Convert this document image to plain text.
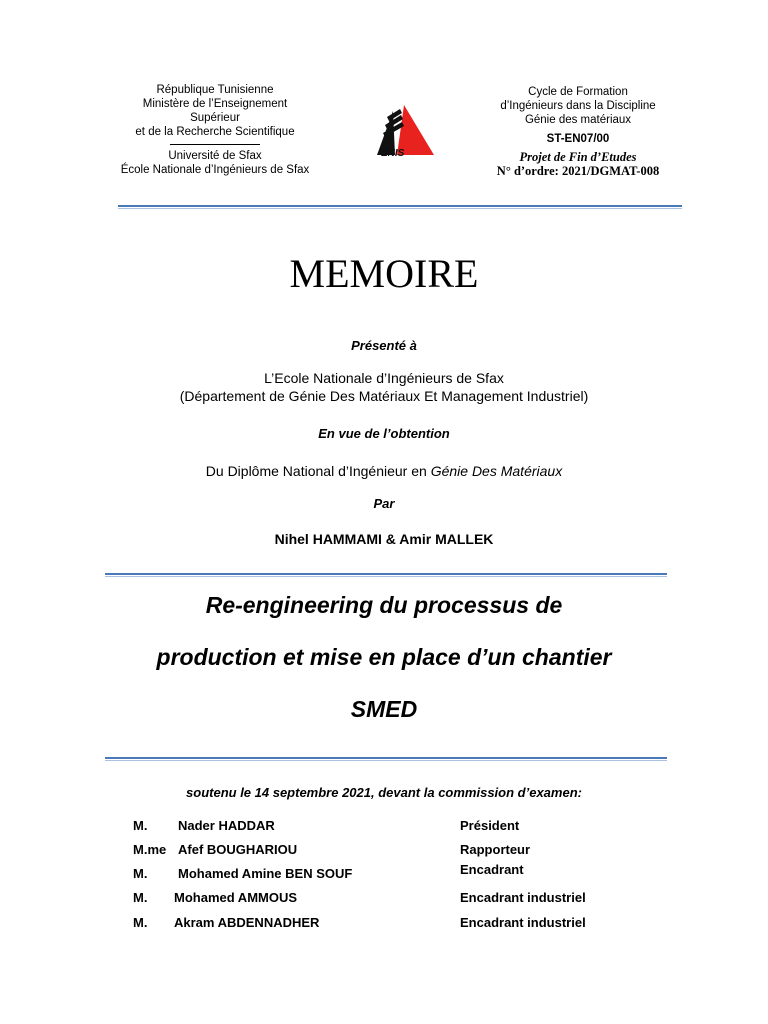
République Tunisienne
Ministère de l’Enseignement
Supérieur
et de la Recherche Scientifique
Université de Sfax
École Nationale d’Ingénieurs de Sfax
ENIS
Cycle de Formation
d’Ingénieurs dans la Discipline
Génie des matériaux
ST-EN07/00
Projet de Fin d’Etudes
N° d’ordre: 2021/DGMAT-008
MEMOIRE
Présenté à
L’Ecole Nationale d’Ingénieurs de Sfax
(Département de Génie Des Matériaux Et Management Industriel)
En vue de l’obtention
Du Diplôme National d’Ingénieur en Génie Des Matériaux
Par
Nihel HAMMAMI & Amir MALLEK
Re-engineering du processus de
production et mise en place d’un chantier
SMED
soutenu le 14 septembre 2021, devant la commission d’examen:
M. Nader HADDAR	Président
M.me Afef BOUGHARIOU	Rapporteur
M. Mohamed Amine BEN SOUF	Encadrant
M. Mohamed AMMOUS	Encadrant industriel
M. Akram ABDENNADHER	Encadrant industriel
